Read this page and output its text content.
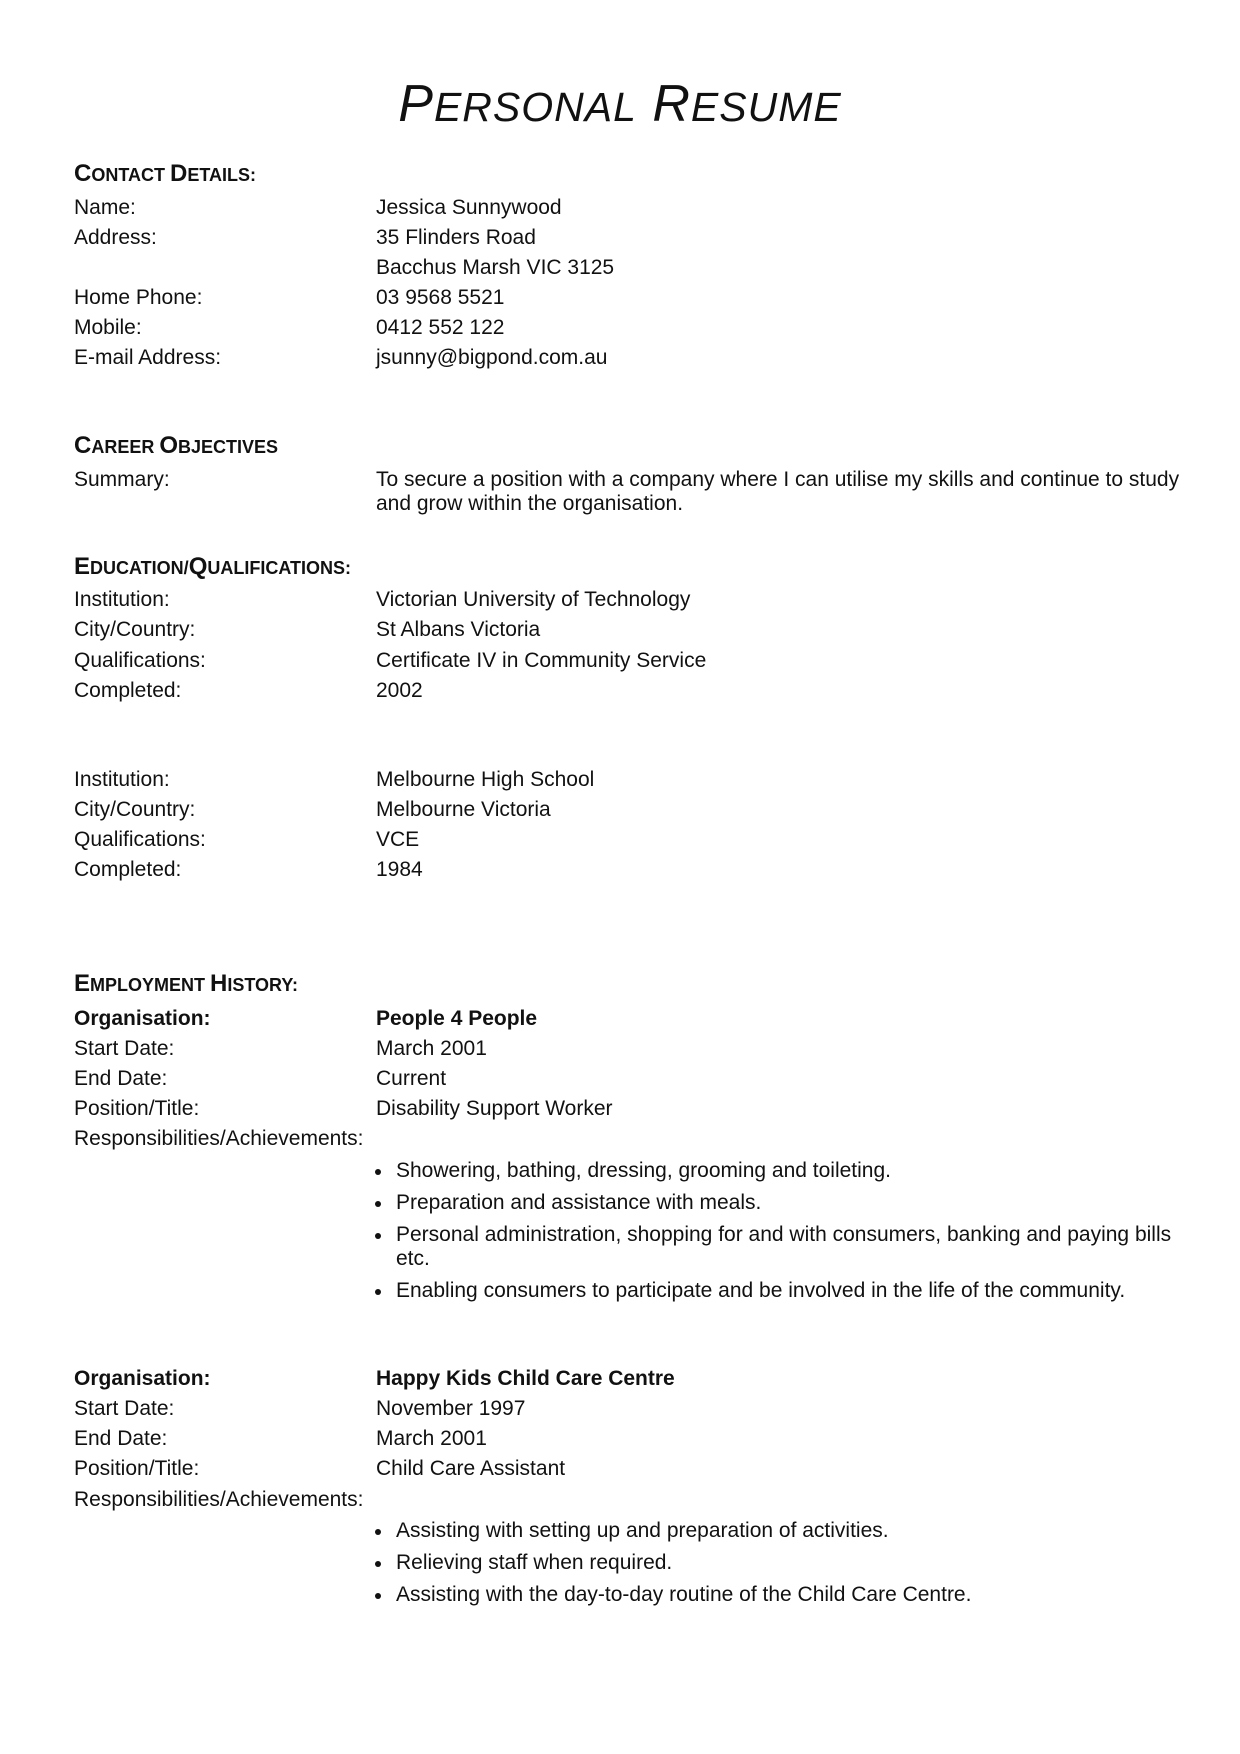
PERSONAL RESUME
CONTACT DETAILS:
Name:	Jessica Sunnywood
Address:	35 Flinders Road
Bacchus Marsh VIC 3125
Home Phone:	03 9568 5521
Mobile:	0412 552 122
E-mail Address:	jsunny@bigpond.com.au
CAREER OBJECTIVES
Summary:	To secure a position with a company where I can utilise my skills and continue to study and grow within the organisation.
EDUCATION/QUALIFICATIONS:
Institution:	Victorian University of Technology
City/Country:	St Albans Victoria
Qualifications:	Certificate IV in Community Service
Completed:	2002
Institution:	Melbourne High School
City/Country:	Melbourne Victoria
Qualifications:	VCE
Completed:	1984
EMPLOYMENT HISTORY:
Organisation:	People 4 People
Start Date:	March 2001
End Date:	Current
Position/Title:	Disability Support Worker
Responsibilities/Achievements:
Showering, bathing, dressing, grooming and toileting.
Preparation and assistance with meals.
Personal administration, shopping for and with consumers, banking and paying bills etc.
Enabling consumers to participate and be involved in the life of the community.
Organisation:	Happy Kids Child Care Centre
Start Date:	November 1997
End Date:	March 2001
Position/Title:	Child Care Assistant
Responsibilities/Achievements:
Assisting with setting up and preparation of activities.
Relieving staff when required.
Assisting with the day-to-day routine of the Child Care Centre.
